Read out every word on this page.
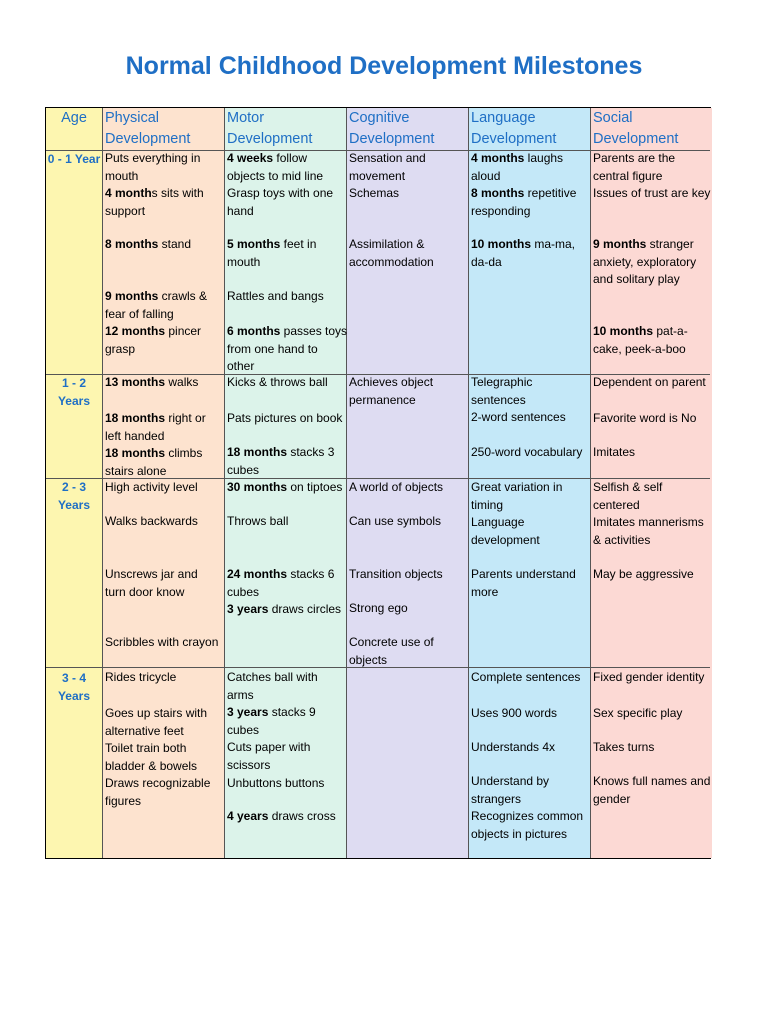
Normal Childhood Development Milestones
Age	Physical
Development
Motor
Development
Cognitive
Development
Language
Development
Social
Development
0 - 1 Year
1 - 2
Years
2 - 3
Years
3 - 4
Years
Puts everything in
mouth
4 months sits with
support
8 months stand
9 months crawls &
fear of falling
12 months pincer
grasp
13 months walks
18 months right or
left handed
18 months climbs
stairs alone
High activity level
Walks backwards
Unscrews jar and
turn door know
Scribbles with crayon
Rides tricycle
Goes up stairs with
alternative feet
Toilet train both
bladder & bowels
Draws recognizable
figures
4 weeks follow
objects to mid line
Grasp toys with one
hand
5 months feet in
mouth
Rattles and bangs
6 months passes toys
from one hand to
other
Kicks & throws ball
Pats pictures on book
18 months stacks 3
cubes
30 months on tiptoes
Throws ball
24 months stacks 6
cubes
3 years draws circles
Catches ball with
arms
3 years stacks 9
cubes
Cuts paper with
scissors
Unbuttons buttons
4 years draws cross
Sensation and
movement
Schemas
Assimilation &
accommodation
Achieves object
permanence
A world of objects
Can use symbols
Transition objects
Strong ego
Concrete use of
objects
4 months laughs
aloud
8 months repetitive
responding
10 months ma-ma,
da-da
Telegraphic
sentences
2-word sentences
250-word vocabulary
Great variation in
timing
Language
development
Parents understand
more
Complete sentences
Uses 900 words
Understands 4x
Understand by
strangers
Recognizes common
objects in pictures
Parents are the
central figure
Issues of trust are key
9 months stranger
anxiety, exploratory
and solitary play
10 months pat-a-
cake, peek-a-boo
Dependent on parent
Favorite word is No
Imitates
Selfish & self
centered
Imitates mannerisms
& activities
May be aggressive
Fixed gender identity
Sex specific play
Takes turns
Knows full names and
gender
